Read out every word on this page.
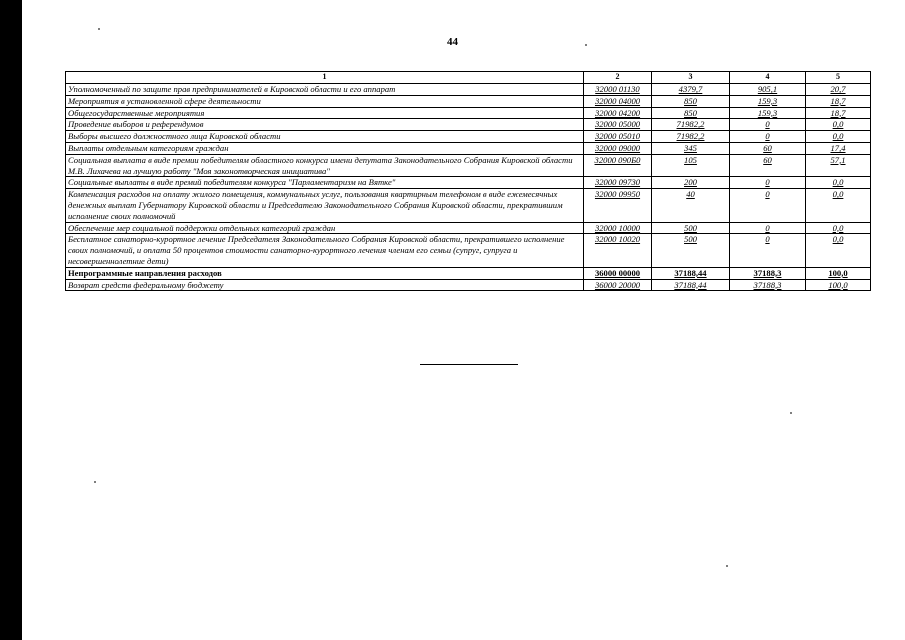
44
1	2	3	4	5
Уполномоченный по защите прав предпринимателей в Кировской области и его аппарат	32000 01130	4379,7	905,1	20,7
Мероприятия в установленной сфере деятельности	32000 04000	850	159,3	18,7
Общегосударственные мероприятия	32000 04200	850	159,3	18,7
Проведение выборов и референдумов	32000 05000	71982,2	0	0,0
Выборы высшего должностного лица Кировской области	32000 05010	71982,2	0	0,0
Выплаты отдельным категориям граждан	32000 09000	345	60	17,4
Социальная выплата в виде премии победителям областного конкурса имени депутата Законодательного Собрания Кировской области М.В. Лихачева на лучшую работу "Моя законотворческая инициатива"	32000 090Б0	105	60	57,1
Социальные выплаты в виде премий победителям конкурса "Парламентаризм на Вятке"	32000 09730	200	0	0,0
Компенсация расходов на оплату жилого помещения, коммунальных услуг, пользования квартирным телефоном в виде ежемесячных денежных выплат Губернатору Кировской области и Председателю Законодательного Собрания Кировской области, прекратившим исполнение своих полномочий	32000 09950	40	0	0,0
Обеспечение мер социальной поддержки отдельных категорий граждан	32000 10000	500	0	0,0
Бесплатное санаторно-курортное лечение Председателя Законодательного Собрания Кировской области, прекратившего исполнение своих полномочий, и оплата 50 процентов стоимости санаторно-курортного лечения членам его семьи (супруг, супруга и несовершеннолетние дети)	32000 10020	500	0	0,0
Непрограммные направления расходов	36000 00000	37188,44	37188,3	100,0
Возврат средств федеральному бюджету	36000 20000	37188,44	37188,3	100,0
